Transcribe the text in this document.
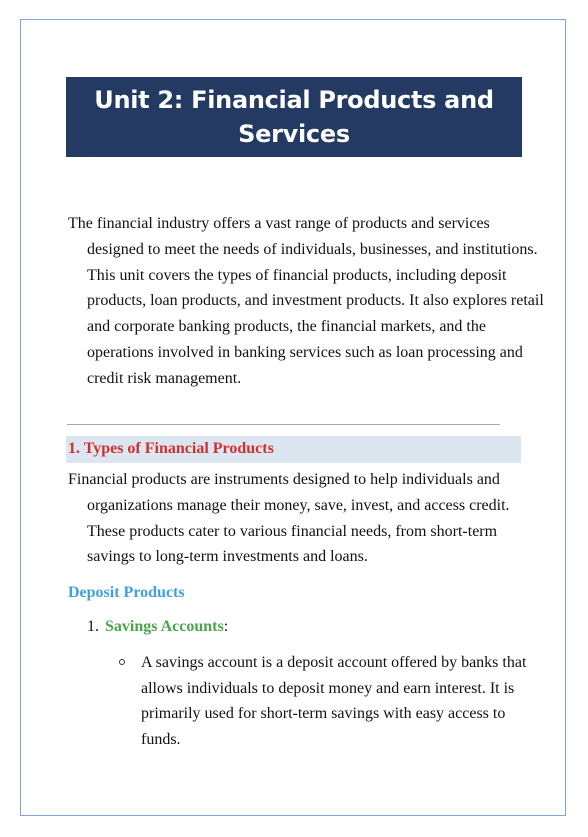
Unit 2: Financial Products and Services

The financial industry offers a vast range of products and services designed to meet the needs of individuals, businesses, and institutions. This unit covers the types of financial products, including deposit products, loan products, and investment products. It also explores retail and corporate banking products, the financial markets, and the operations involved in banking services such as loan processing and credit risk management.

1. Types of Financial Products

Financial products are instruments designed to help individuals and organizations manage their money, save, invest, and access credit. These products cater to various financial needs, from short-term savings to long-term investments and loans.

Deposit Products
1. Savings Accounts:

A savings account is a deposit account offered by banks that allows individuals to deposit money and earn interest. It is primarily used for short-term savings with easy access to funds.
